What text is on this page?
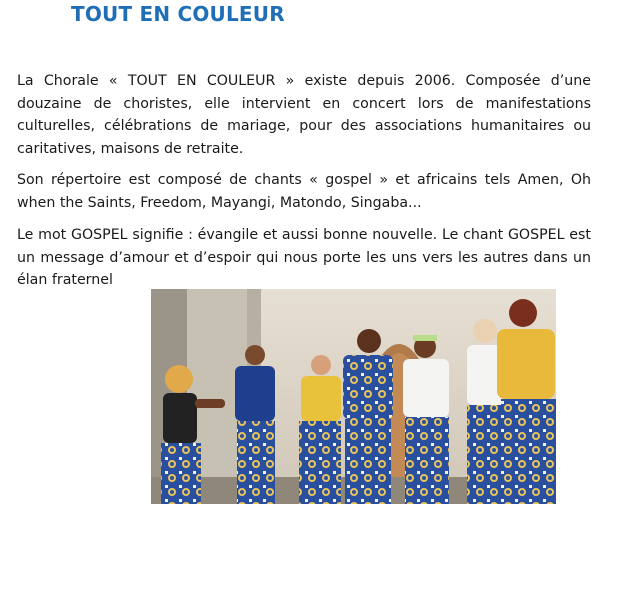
TOUT EN COULEUR

La Chorale « TOUT EN COULEUR » existe depuis 2006. Composée d’une douzaine de choristes, elle intervient en concert lors de manifestations culturelles, célébrations de mariage, pour des associations humanitaires ou caritatives, maisons de retraite.

Son répertoire est composé de chants « gospel » et africains tels Amen, Oh when the Saints, Freedom, Mayangi, Matondo, Singaba...

Le mot GOSPEL signifie : évangile et aussi bonne nouvelle. Le chant GOSPEL est un message d’amour et d’espoir qui nous porte les uns vers les autres dans un élan fraternel
